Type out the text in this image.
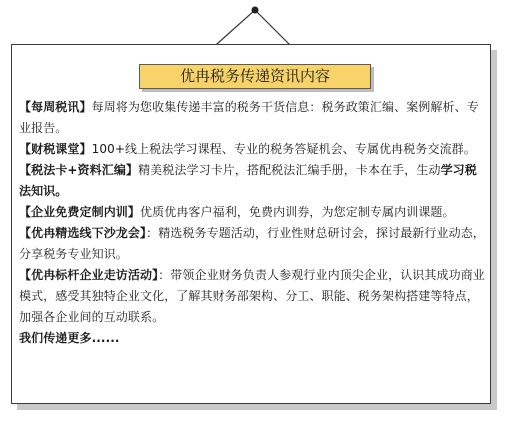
优冉税务传递资讯内容

【每周税讯】每周将为您收集传递丰富的税务干货信息：税务政策汇编、案例解析、专业报告。

【财税课堂】100+线上税法学习课程、专业的税务答疑机会、专属优冉税务交流群。

【税法卡+资料汇编】精美税法学习卡片，搭配税法汇编手册，卡本在手，生动学习税法知识。

【企业免费定制内训】优质优冉客户福利，免费内训券，为您定制专属内训课题。

【优冉精选线下沙龙会】：精选税务专题活动，行业性财总研讨会，探讨最新行业动态，分享税务专业知识。

【优冉标杆企业走访活动】：带领企业财务负责人参观行业内顶尖企业，认识其成功商业模式，感受其独特企业文化，了解其财务部架构、分工、职能、税务架构搭建等特点，加强各企业间的互动联系。

我们传递更多......
